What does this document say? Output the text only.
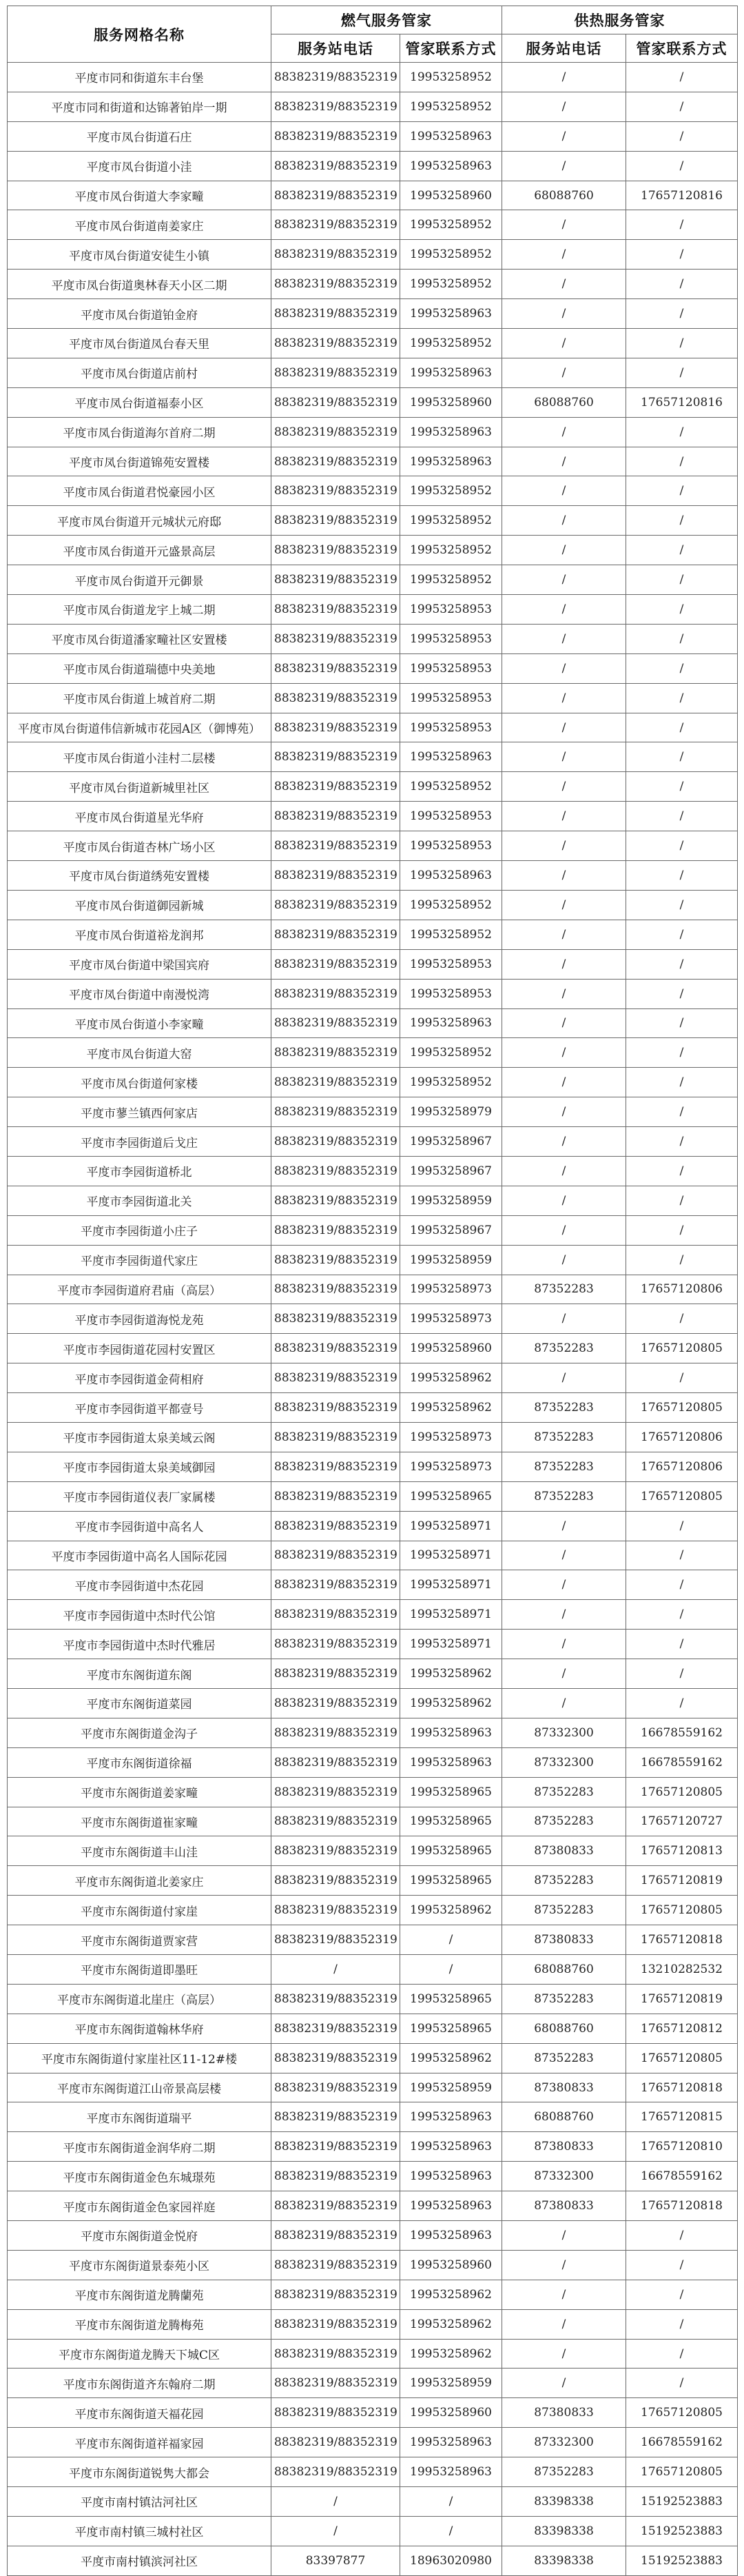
服务网格名称	燃气服务管家		供热服务管家	
	服务站电话	管家联系方式	服务站电话	管家联系方式
平度市同和街道东丰台堡	88382319/88352319	19953258952	/	/
平度市同和街道和达锦著铂岸一期	88382319/88352319	19953258952	/	/
平度市凤台街道石庄	88382319/88352319	19953258963	/	/
平度市凤台街道小洼	88382319/88352319	19953258963	/	/
平度市凤台街道大李家疃	88382319/88352319	19953258960	68088760	17657120816
平度市凤台街道南姜家庄	88382319/88352319	19953258952	/	/
平度市凤台街道安徒生小镇	88382319/88352319	19953258952	/	/
平度市凤台街道奥林春天小区二期	88382319/88352319	19953258952	/	/
平度市凤台街道铂金府	88382319/88352319	19953258963	/	/
平度市凤台街道凤台春天里	88382319/88352319	19953258952	/	/
平度市凤台街道店前村	88382319/88352319	19953258963	/	/
平度市凤台街道福泰小区	88382319/88352319	19953258960	68088760	17657120816
平度市凤台街道海尔首府二期	88382319/88352319	19953258963	/	/
平度市凤台街道锦苑安置楼	88382319/88352319	19953258963	/	/
平度市凤台街道君悦豪园小区	88382319/88352319	19953258952	/	/
平度市凤台街道开元城状元府邸	88382319/88352319	19953258952	/	/
平度市凤台街道开元盛景高层	88382319/88352319	19953258952	/	/
平度市凤台街道开元御景	88382319/88352319	19953258952	/	/
平度市凤台街道龙宇上城二期	88382319/88352319	19953258953	/	/
平度市凤台街道潘家疃社区安置楼	88382319/88352319	19953258953	/	/
平度市凤台街道瑞德中央美地	88382319/88352319	19953258953	/	/
平度市凤台街道上城首府二期	88382319/88352319	19953258953	/	/
平度市凤台街道伟信新城市花园A区（御博苑）	88382319/88352319	19953258953	/	/
平度市凤台街道小洼村二层楼	88382319/88352319	19953258963	/	/
平度市凤台街道新城里社区	88382319/88352319	19953258952	/	/
平度市凤台街道星光华府	88382319/88352319	19953258953	/	/
平度市凤台街道杏林广场小区	88382319/88352319	19953258953	/	/
平度市凤台街道绣苑安置楼	88382319/88352319	19953258963	/	/
平度市凤台街道御园新城	88382319/88352319	19953258952	/	/
平度市凤台街道裕龙润邦	88382319/88352319	19953258952	/	/
平度市凤台街道中梁国宾府	88382319/88352319	19953258953	/	/
平度市凤台街道中南漫悦湾	88382319/88352319	19953258953	/	/
平度市凤台街道小李家疃	88382319/88352319	19953258963	/	/
平度市凤台街道大窑	88382319/88352319	19953258952	/	/
平度市凤台街道何家楼	88382319/88352319	19953258952	/	/
平度市蓼兰镇西何家店	88382319/88352319	19953258979	/	/
平度市李园街道后戈庄	88382319/88352319	19953258967	/	/
平度市李园街道桥北	88382319/88352319	19953258967	/	/
平度市李园街道北关	88382319/88352319	19953258959	/	/
平度市李园街道小庄子	88382319/88352319	19953258967	/	/
平度市李园街道代家庄	88382319/88352319	19953258959	/	/
平度市李园街道府君庙（高层）	88382319/88352319	19953258973	87352283	17657120806
平度市李园街道海悦龙苑	88382319/88352319	19953258973	/	/
平度市李园街道花园村安置区	88382319/88352319	19953258960	87352283	17657120805
平度市李园街道金荷相府	88382319/88352319	19953258962	/	/
平度市李园街道平都壹号	88382319/88352319	19953258962	87352283	17657120805
平度市李园街道太泉美域云阁	88382319/88352319	19953258973	87352283	17657120806
平度市李园街道太泉美域御园	88382319/88352319	19953258973	87352283	17657120806
平度市李园街道仪表厂家属楼	88382319/88352319	19953258965	87352283	17657120805
平度市李园街道中高名人	88382319/88352319	19953258971	/	/
平度市李园街道中高名人国际花园	88382319/88352319	19953258971	/	/
平度市李园街道中杰花园	88382319/88352319	19953258971	/	/
平度市李园街道中杰时代公馆	88382319/88352319	19953258971	/	/
平度市李园街道中杰时代雅居	88382319/88352319	19953258971	/	/
平度市东阁街道东阁	88382319/88352319	19953258962	/	/
平度市东阁街道菜园	88382319/88352319	19953258962	/	/
平度市东阁街道金沟子	88382319/88352319	19953258963	87332300	16678559162
平度市东阁街道徐福	88382319/88352319	19953258963	87332300	16678559162
平度市东阁街道姜家疃	88382319/88352319	19953258965	87352283	17657120805
平度市东阁街道崔家疃	88382319/88352319	19953258965	87352283	17657120727
平度市东阁街道丰山洼	88382319/88352319	19953258965	87380833	17657120813
平度市东阁街道北姜家庄	88382319/88352319	19953258965	87352283	17657120819
平度市东阁街道付家崖	88382319/88352319	19953258962	87352283	17657120805
平度市东阁街道贾家营	88382319/88352319	/	87380833	17657120818
平度市东阁街道即墨旺	/	/	68088760	13210282532
平度市东阁街道北崖庄（高层）	88382319/88352319	19953258965	87352283	17657120819
平度市东阁街道翰林华府	88382319/88352319	19953258965	68088760	17657120812
平度市东阁街道付家崖社区11-12#楼	88382319/88352319	19953258962	87352283	17657120805
平度市东阁街道江山帝景高层楼	88382319/88352319	19953258959	87380833	17657120818
平度市东阁街道瑞平	88382319/88352319	19953258963	68088760	17657120815
平度市东阁街道金润华府二期	88382319/88352319	19953258963	87380833	17657120810
平度市东阁街道金色东城璟苑	88382319/88352319	19953258963	87332300	16678559162
平度市东阁街道金色家园祥庭	88382319/88352319	19953258963	87380833	17657120818
平度市东阁街道金悦府	88382319/88352319	19953258963	/	/
平度市东阁街道景泰苑小区	88382319/88352319	19953258960	/	/
平度市东阁街道龙腾蘭苑	88382319/88352319	19953258962	/	/
平度市东阁街道龙腾梅苑	88382319/88352319	19953258962	/	/
平度市东阁街道龙腾天下城C区	88382319/88352319	19953258962	/	/
平度市东阁街道齐东翰府二期	88382319/88352319	19953258959	/	/
平度市东阁街道天福花园	88382319/88352319	19953258960	87380833	17657120805
平度市东阁街道祥福家园	88382319/88352319	19953258963	87332300	16678559162
平度市东阁街道锐隽大都会	88382319/88352319	19953258963	87352283	17657120805
平度市南村镇沽河社区	/	/	83398338	15192523883
平度市南村镇三城村社区	/	/	83398338	15192523883
平度市南村镇滨河社区	83397877	18963020980	83398338	15192523883
